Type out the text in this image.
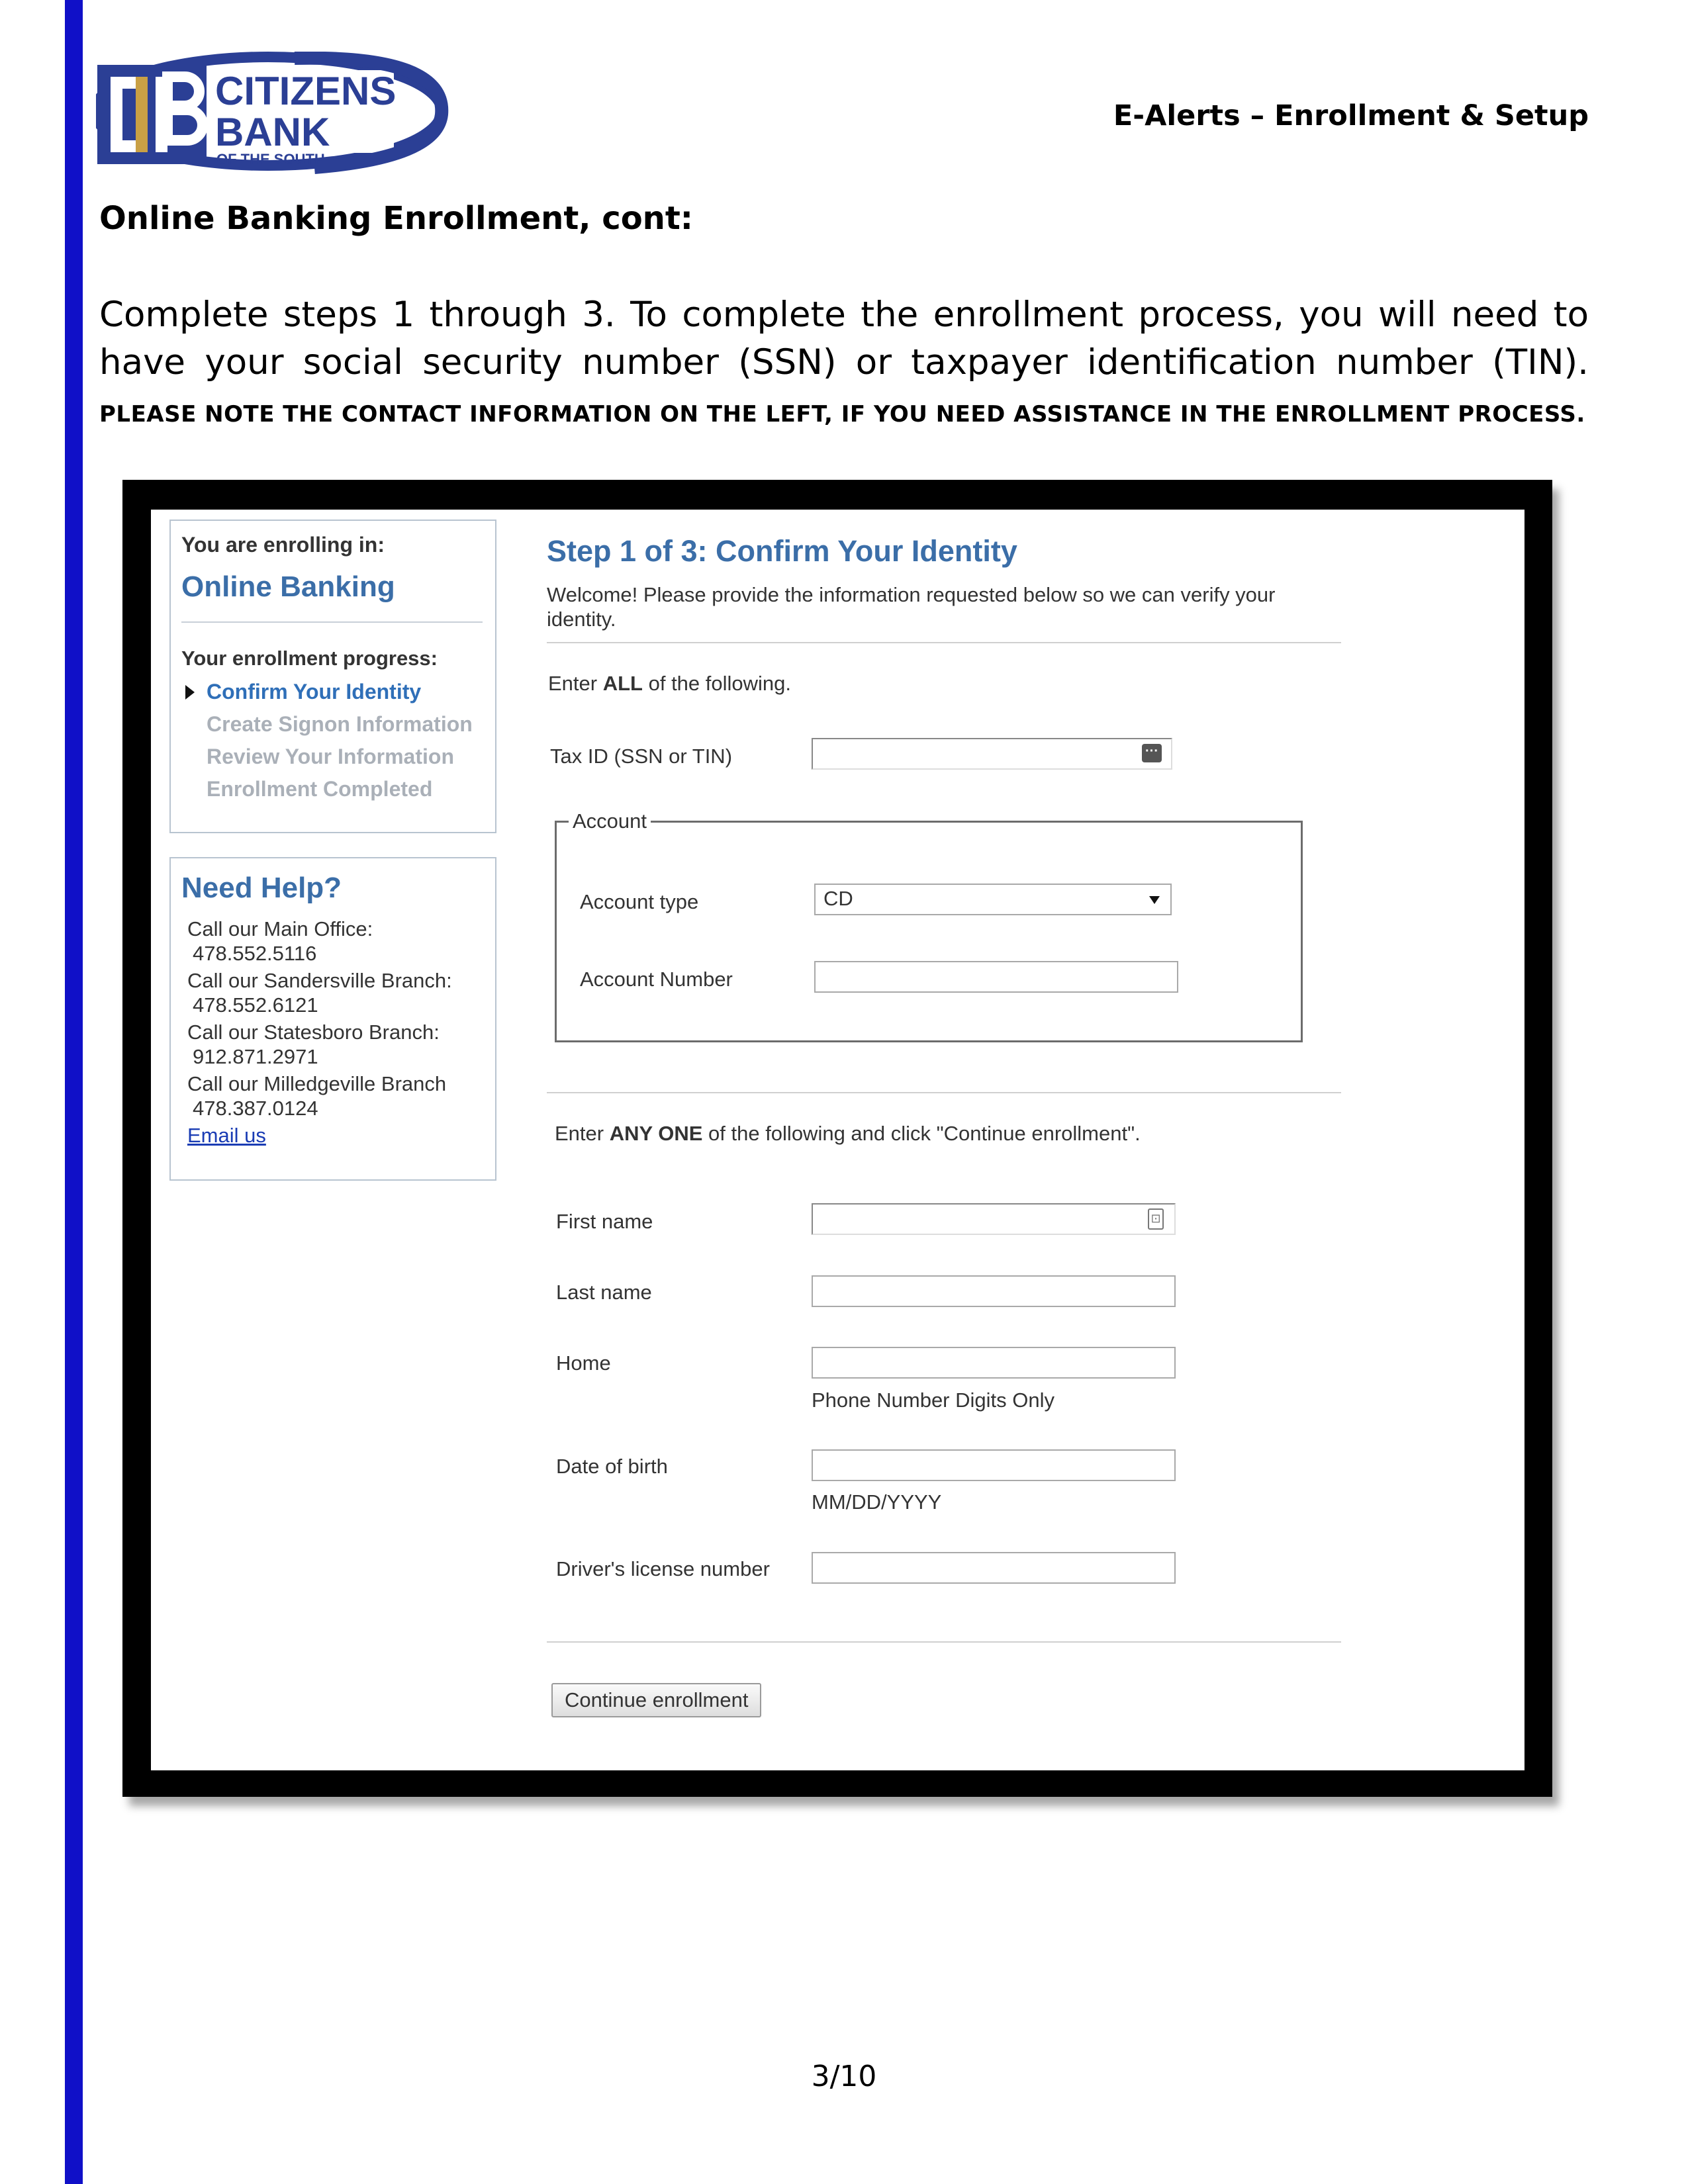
CITIZENS
BANK
OF THE SOUTH
E-Alerts – Enrollment & Setup
Online Banking Enrollment, cont:
Complete steps 1 through 3. To complete the enrollment process, you will need to have your social security number (SSN) or taxpayer identification number (TIN). PLEASE NOTE THE CONTACT INFORMATION ON THE LEFT, IF YOU NEED ASSISTANCE IN THE ENROLLMENT PROCESS.
You are enrolling in:
Online Banking
Your enrollment progress:
Confirm Your Identity
Create Signon Information
Review Your Information
Enrollment Completed
Need Help?
Call our Main Office:
478.552.5116
Call our Sandersville Branch:
478.552.6121
Call our Statesboro Branch:
912.871.2971
Call our Milledgeville Branch
478.387.0124
Email us
Step 1 of 3: Confirm Your Identity
Welcome! Please provide the information requested below so we can verify your identity.
Enter ALL of the following.
Tax ID (SSN or TIN)	···
Account
Account type	CD
Account Number
Enter ANY ONE of the following and click "Continue enrollment".
First name	⊡
Last name
Home
Phone Number Digits Only
Date of birth
MM/DD/YYYY
Driver's license number
Continue enrollment
3/10
